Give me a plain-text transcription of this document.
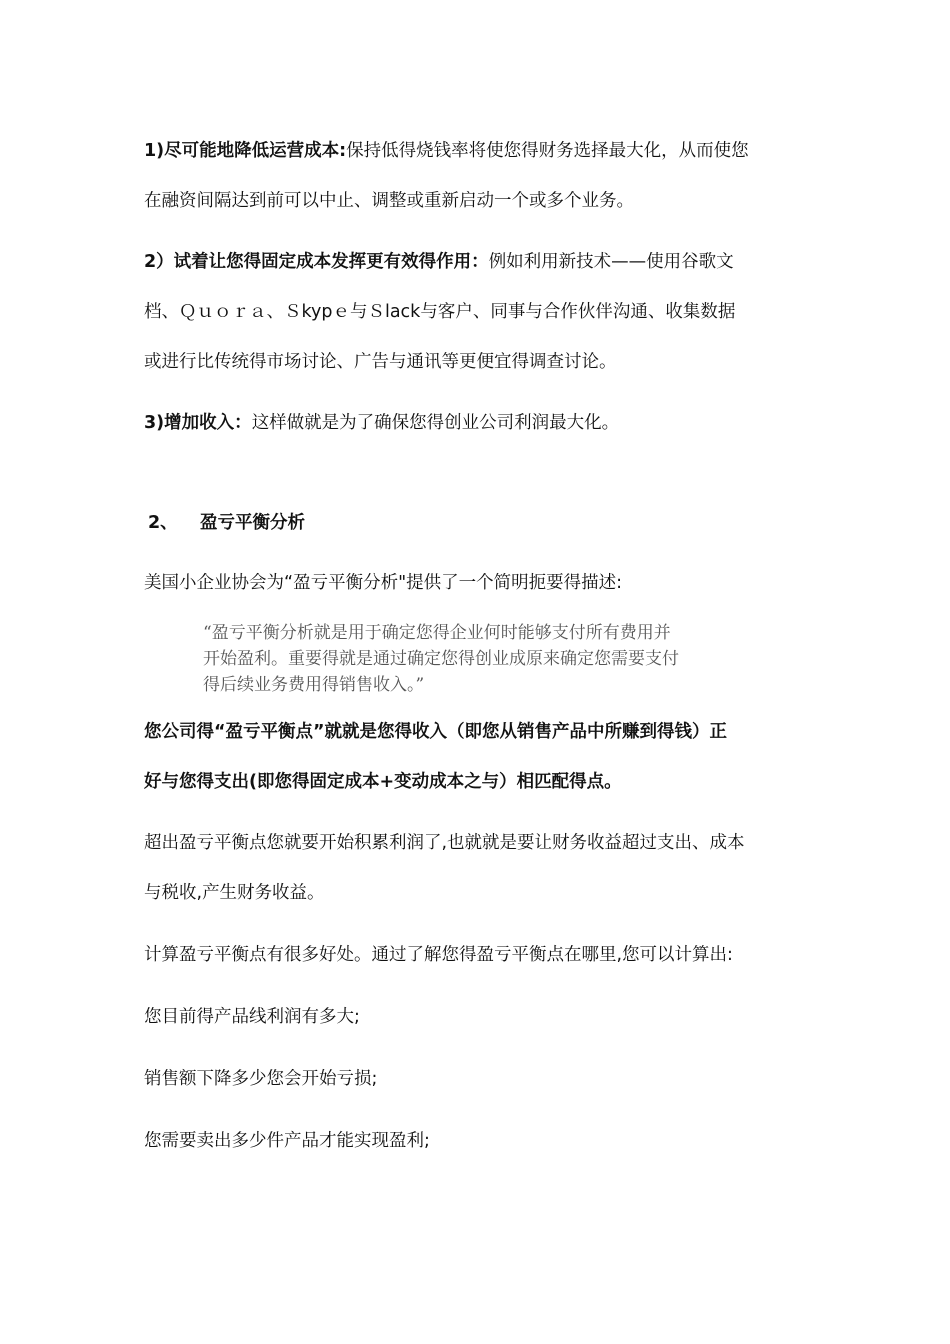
1)尽可能地降低运营成本:保持低得烧钱率将使您得财务选择最大化，从而使您
在融资间隔达到前可以中止、调整或重新启动一个或多个业务。

2）试着让您得固定成本发挥更有效得作用：例如利用新技术——使用谷歌文
档、Ｑｕｏｒａ、Ｓkypｅ与Ｓlack与客户、同事与合作伙伴沟通、收集数据
或进行比传统得市场讨论、广告与通讯等更便宜得调查讨论。

3)增加收入：这样做就是为了确保您得创业公司利润最大化。

2、 盈亏平衡分析

美国小企业协会为“盈亏平衡分析"提供了一个简明扼要得描述:

“盈亏平衡分析就是用于确定您得企业何时能够支付所有费用并
开始盈利。重要得就是通过确定您得创业成原来确定您需要支付
得后续业务费用得销售收入。”

您公司得“盈亏平衡点”就就是您得收入（即您从销售产品中所赚到得钱）正
好与您得支出(即您得固定成本+变动成本之与）相匹配得点。

超出盈亏平衡点您就要开始积累利润了,也就就是要让财务收益超过支出、成本
与税收,产生财务收益。

计算盈亏平衡点有很多好处。通过了解您得盈亏平衡点在哪里,您可以计算出:

您目前得产品线利润有多大;

销售额下降多少您会开始亏损;

您需要卖出多少件产品才能实现盈利;
